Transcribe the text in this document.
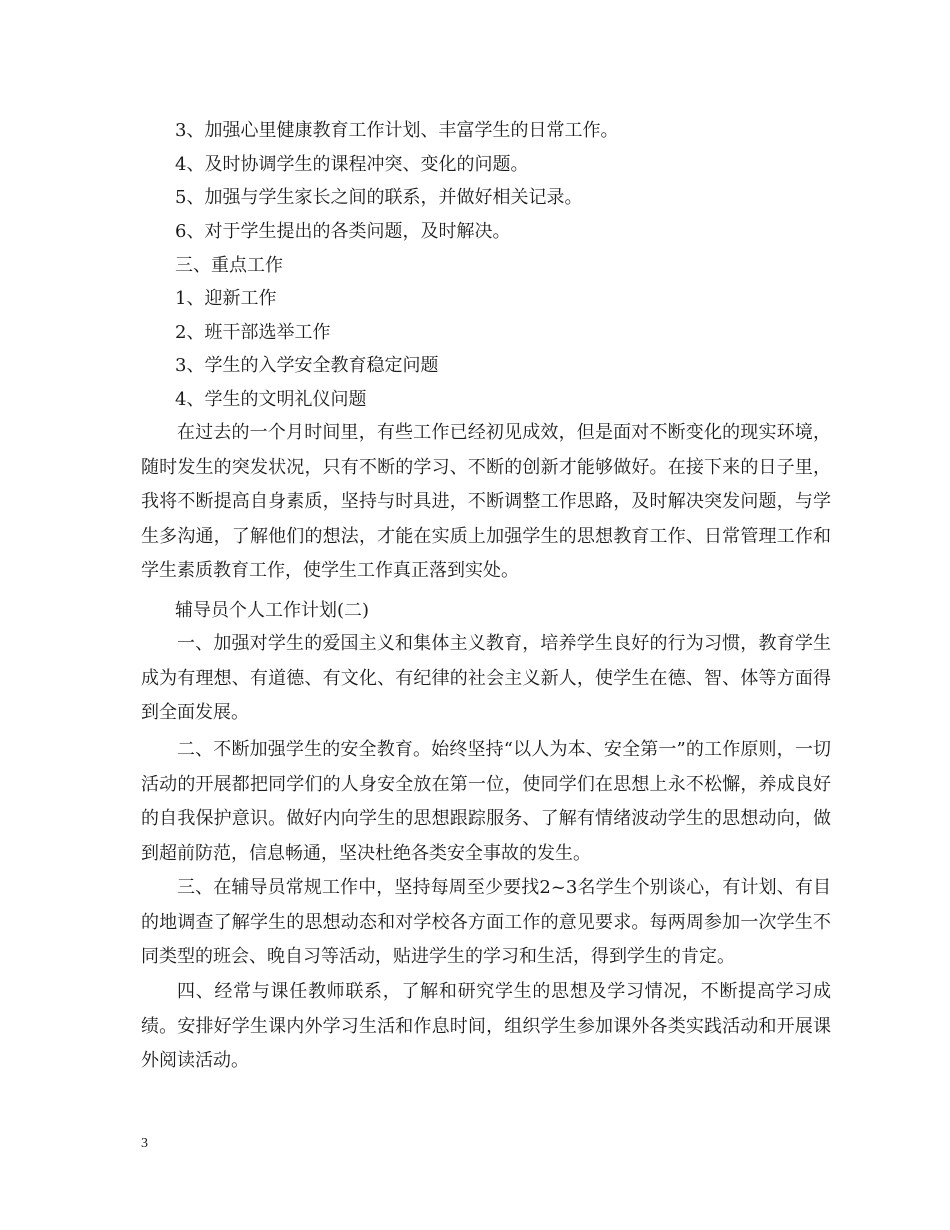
3、加强心里健康教育工作计划、丰富学生的日常工作。
4、及时协调学生的课程冲突、变化的问题。
5、加强与学生家长之间的联系，并做好相关记录。
6、对于学生提出的各类问题，及时解决。
三、重点工作
1、迎新工作
2、班干部选举工作
3、学生的入学安全教育稳定问题
4、学生的文明礼仪问题
在过去的一个月时间里，有些工作已经初见成效，但是面对不断变化的现实环境，随时发生的突发状况，只有不断的学习、不断的创新才能够做好。在接下来的日子里，我将不断提高自身素质，坚持与时具进，不断调整工作思路，及时解决突发问题，与学生多沟通，了解他们的想法，才能在实质上加强学生的思想教育工作、日常管理工作和学生素质教育工作，使学生工作真正落到实处。
辅导员个人工作计划(二)
一、加强对学生的爱国主义和集体主义教育，培养学生良好的行为习惯，教育学生成为有理想、有道德、有文化、有纪律的社会主义新人，使学生在德、智、体等方面得到全面发展。
二、不断加强学生的安全教育。始终坚持“以人为本、安全第一”的工作原则，一切活动的开展都把同学们的人身安全放在第一位，使同学们在思想上永不松懈，养成良好的自我保护意识。做好内向学生的思想跟踪服务、了解有情绪波动学生的思想动向，做到超前防范，信息畅通，坚决杜绝各类安全事故的发生。
三、在辅导员常规工作中，坚持每周至少要找2~3名学生个别谈心，有计划、有目的地调查了解学生的思想动态和对学校各方面工作的意见要求。每两周参加一次学生不同类型的班会、晚自习等活动，贴进学生的学习和生活，得到学生的肯定。
四、经常与课任教师联系，了解和研究学生的思想及学习情况，不断提高学习成绩。安排好学生课内外学习生活和作息时间，组织学生参加课外各类实践活动和开展课外阅读活动。
3
